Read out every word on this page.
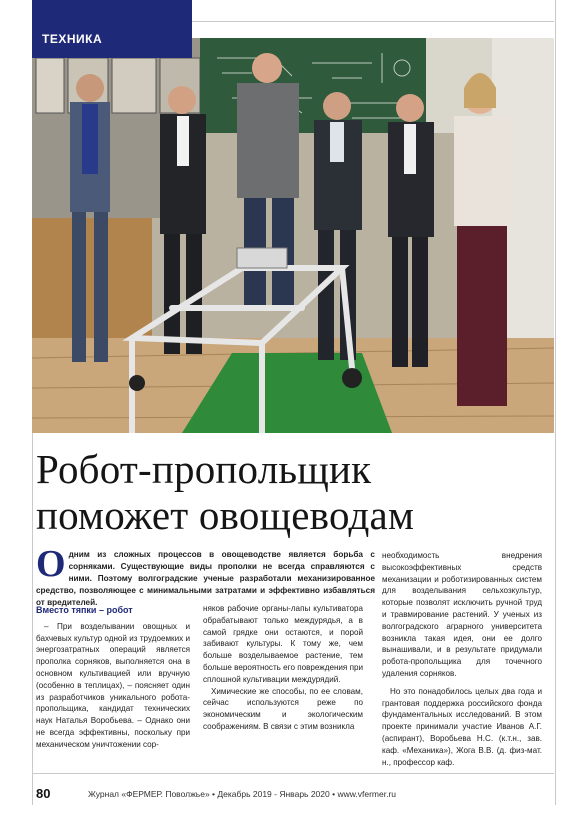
ТЕХНИКА
Робот-пропольщик
поможет овощеводам
Одним из сложных процессов в овощеводстве является борьба с сорняками. Существующие виды прополки не всегда справляются с ними. Поэтому волгоградские ученые разработали механизированное средство, позволяющее с минимальными затратами и эффективно избавляться от вредителей.
Вместо тяпки – робот

– При возделывании овощных и бахчевых культур одной из трудоемких и энергозатратных операций является прополка сорняков, выполняется она в основном культивацией или вручную (особенно в теплицах), – поясняет один из разработчиков уникального робота-пропольщика, кандидат технических наук Наталья Воробьева. – Однако они не всегда эффективны, поскольку при механическом уничтожении сор-

няков рабочие органы-лапы культиватора обрабатывают только междурядья, а в самой грядке они остаются, и порой забивают культуры. К тому же, чем больше возделываемое растение, тем больше вероятность его повреждения при сплошной культивации междурядий.

Химические же способы, по ее словам, сейчас используются реже по экономическим и экологическим соображениям. В связи с этим возникла

необходимость внедрения высокоэффективных средств механизации и роботизированных систем для возделывания сельхозкультур, которые позволят исключить ручной труд и травмирование растений. У ученых из волгоградского аграрного университета возникла такая идея, они ее долго вынашивали, и в результате придумали робота-пропольщика для точечного удаления сорняков.

Но это понадобилось целых два года и грантовая поддержка российского фонда фундаментальных исследований. В этом проекте принимали участие Иванов А.Г.(аспирант), Воробьева Н.С. (к.т.н., зав. каф. «Механика»), Жога В.В. (д. физ-мат. н., профессор каф.

80	Журнал «ФЕРМЕР. Поволжье» • Декабрь 2019 - Январь 2020 • www.vfermer.ru
